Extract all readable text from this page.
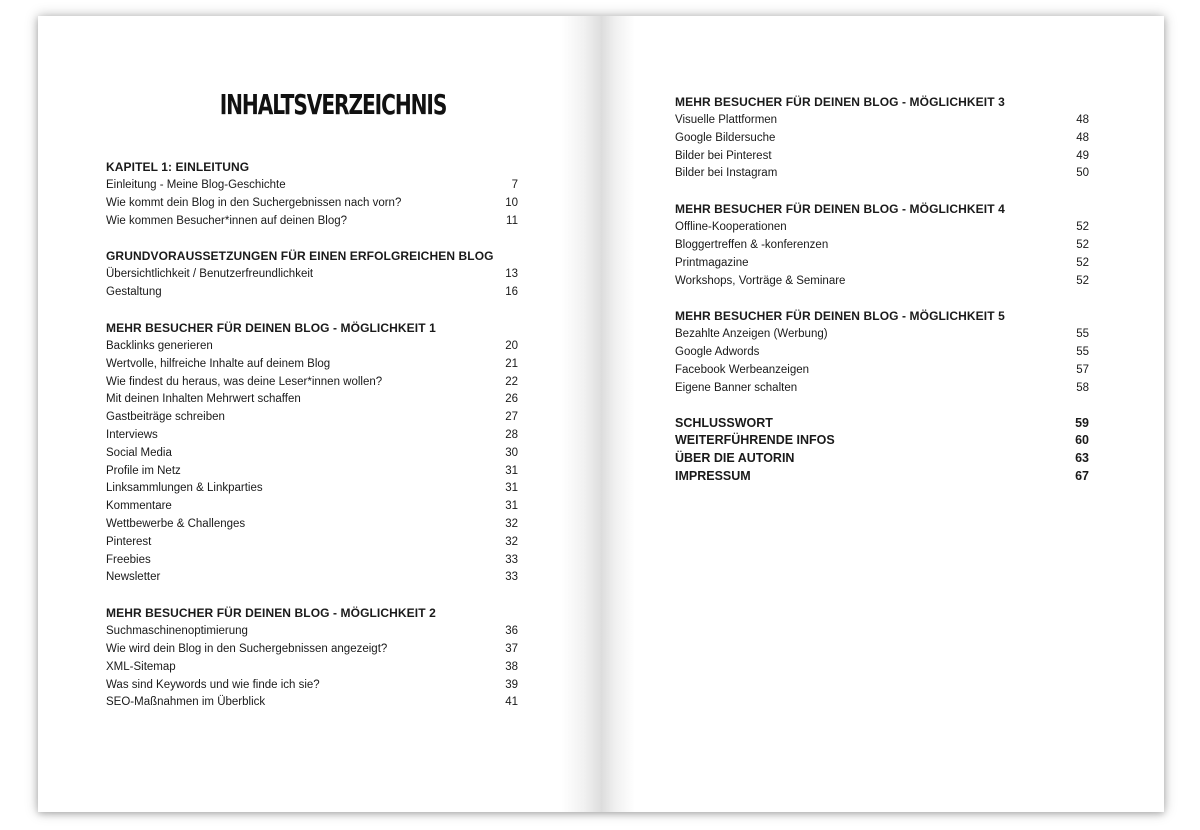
INHALTSVERZEICHNIS
KAPITEL 1: EINLEITUNG
Einleitung - Meine Blog-Geschichte	7
Wie kommt dein Blog in den Suchergebnissen nach vorn?	10
Wie kommen Besucher*innen auf deinen Blog?	11
GRUNDVORAUSSETZUNGEN FÜR EINEN ERFOLGREICHEN BLOG
Übersichtlichkeit / Benutzerfreundlichkeit	13
Gestaltung	16
MEHR BESUCHER FÜR DEINEN BLOG - MÖGLICHKEIT 1
Backlinks generieren	20
Wertvolle, hilfreiche Inhalte auf deinem Blog	21
Wie findest du heraus, was deine Leser*innen wollen?	22
Mit deinen Inhalten Mehrwert schaffen	26
Gastbeiträge schreiben	27
Interviews	28
Social Media	30
Profile im Netz	31
Linksammlungen & Linkparties	31
Kommentare	31
Wettbewerbe & Challenges	32
Pinterest	32
Freebies	33
Newsletter	33
MEHR BESUCHER FÜR DEINEN BLOG - MÖGLICHKEIT 2
Suchmaschinenoptimierung	36
Wie wird dein Blog in den Suchergebnissen angezeigt?	37
XML-Sitemap	38
Was sind Keywords und wie finde ich sie?	39
SEO-Maßnahmen im Überblick	41
MEHR BESUCHER FÜR DEINEN BLOG - MÖGLICHKEIT 3
Visuelle Plattformen	48
Google Bildersuche	48
Bilder bei Pinterest	49
Bilder bei Instagram	50
MEHR BESUCHER FÜR DEINEN BLOG - MÖGLICHKEIT 4
Offline-Kooperationen	52
Bloggertreffen & -konferenzen	52
Printmagazine	52
Workshops, Vorträge & Seminare	52
MEHR BESUCHER FÜR DEINEN BLOG - MÖGLICHKEIT 5
Bezahlte Anzeigen (Werbung)	55
Google Adwords	55
Facebook Werbeanzeigen	57
Eigene Banner schalten	58
SCHLUSSWORT	59
WEITERFÜHRENDE INFOS	60
ÜBER DIE AUTORIN	63
IMPRESSUM	67
